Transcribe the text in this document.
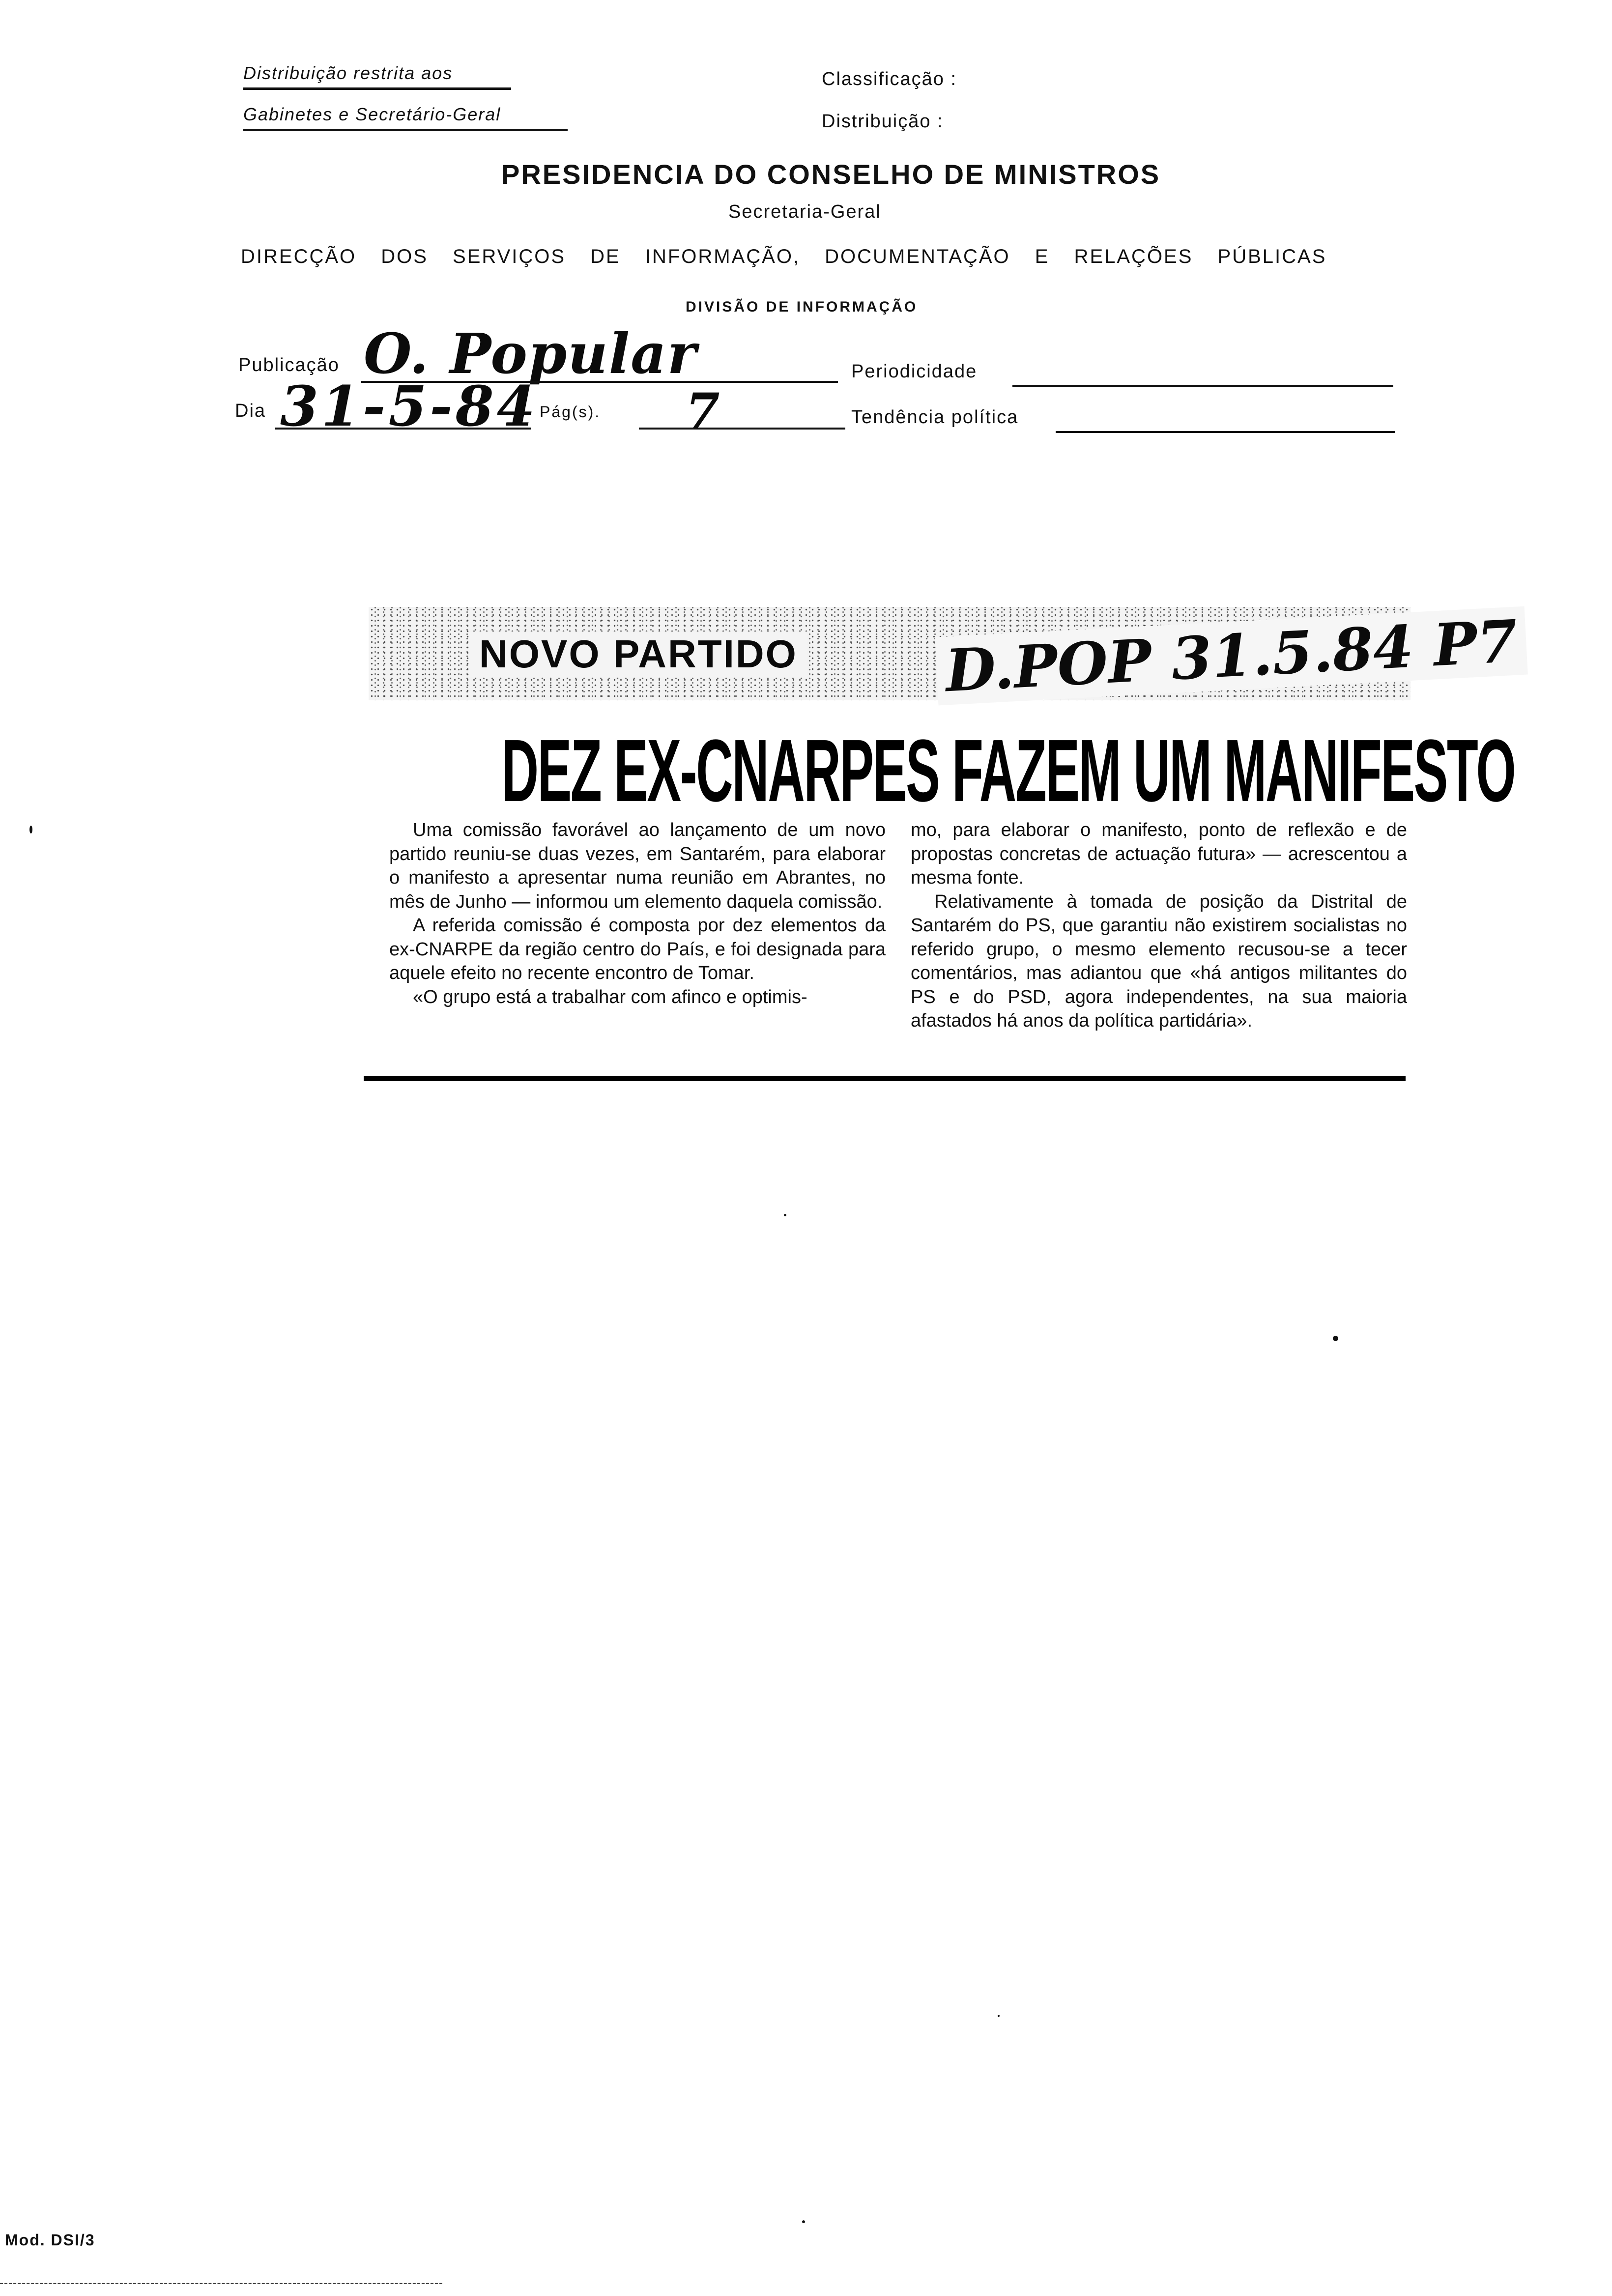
Distribuição restrita aos
Gabinetes e Secretário-Geral
Classificação :
Distribuição :
PRESIDENCIA DO CONSELHO DE MINISTROS
Secretaria-Geral
DIRECÇÃO DOS SERVIÇOS DE INFORMAÇÃO, DOCUMENTAÇÃO E RELAÇÕES PÚBLICAS
DIVISÃO DE INFORMAÇÃO
Publicação O. Popular	Periodicidade
Dia 31-5-84 Pág(s). 7	Tendência política
NOVO PARTIDO	D.POP 31.5.84 P7
DEZ EX-CNARPES FAZEM UM MANIFESTO

Uma comissão favorável ao lançamento de um novo partido reuniu-se duas vezes, em Santarém, para elaborar o manifesto a apresentar numa reunião em Abrantes, no mês de Junho — informou um elemento daquela comissão.

A referida comissão é composta por dez elementos da ex-CNARPE da região centro do País, e foi designada para aquele efeito no recente encontro de Tomar.

«O grupo está a trabalhar com afinco e optimis-

mo, para elaborar o manifesto, ponto de reflexão e de propostas concretas de actuação futura» — acrescentou a mesma fonte.

Relativamente à tomada de posição da Distrital de Santarém do PS, que garantiu não existirem socialistas no referido grupo, o mesmo elemento recusou-se a tecer comentários, mas adiantou que «há antigos militantes do PS e do PSD, agora independentes, na sua maioria afastados há anos da política partidária».

Mod. DSI/3
